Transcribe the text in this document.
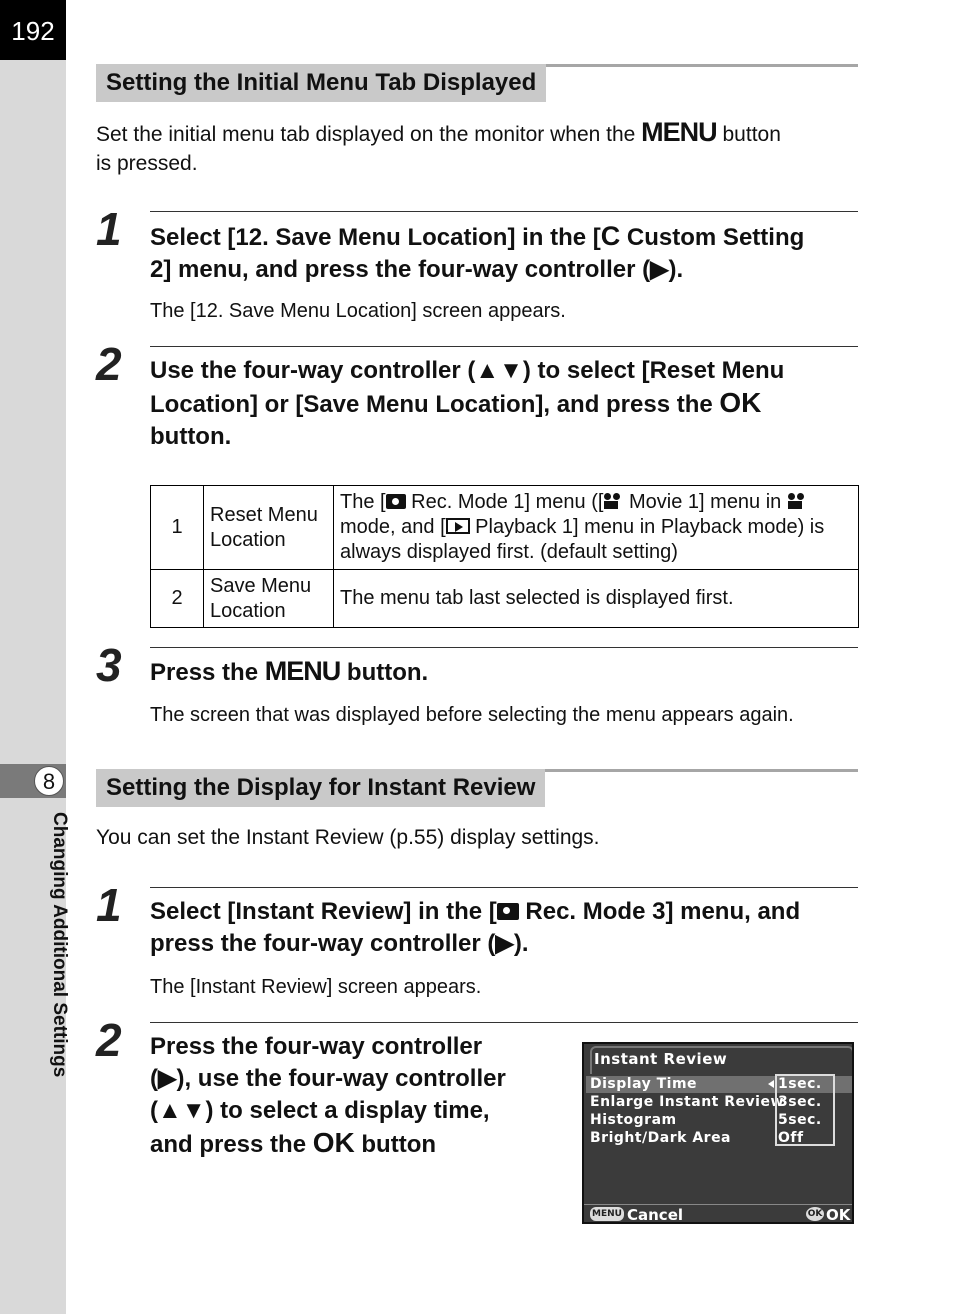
192
8
Changing Additional Settings
Setting the Initial Menu Tab Displayed
Set the initial menu tab displayed on the monitor when the MENU button
is pressed.
1 Select [12. Save Menu Location] in the [C Custom Setting
2] menu, and press the four-way controller (▶).
The [12. Save Menu Location] screen appears.
2 Use the four-way controller (▲▼) to select [Reset Menu
Location] or [Save Menu Location], and press the OK
button.
1	Reset Menu
Location	The [ Rec. Mode 1] menu ([ Movie 1] menu in
mode, and [ Playback 1] menu in Playback mode) is
always displayed first. (default setting)
2	Save Menu
Location	The menu tab last selected is displayed first.
3 Press the MENU button.
The screen that was displayed before selecting the menu appears again.
Setting the Display for Instant Review
You can set the Instant Review (p.55) display settings.
1 Select [Instant Review] in the [ Rec. Mode 3] menu, and
press the four-way controller (▶).
The [Instant Review] screen appears.
2 Press the four-way controller
(▶), use the four-way controller
(▲▼) to select a display time,
and press the OK button
Instant Review
Display Time
Enlarge Instant Review
Histogram
Bright/Dark Area
1sec.
3sec.
5sec.
Off
MENU Cancel	OK OK
